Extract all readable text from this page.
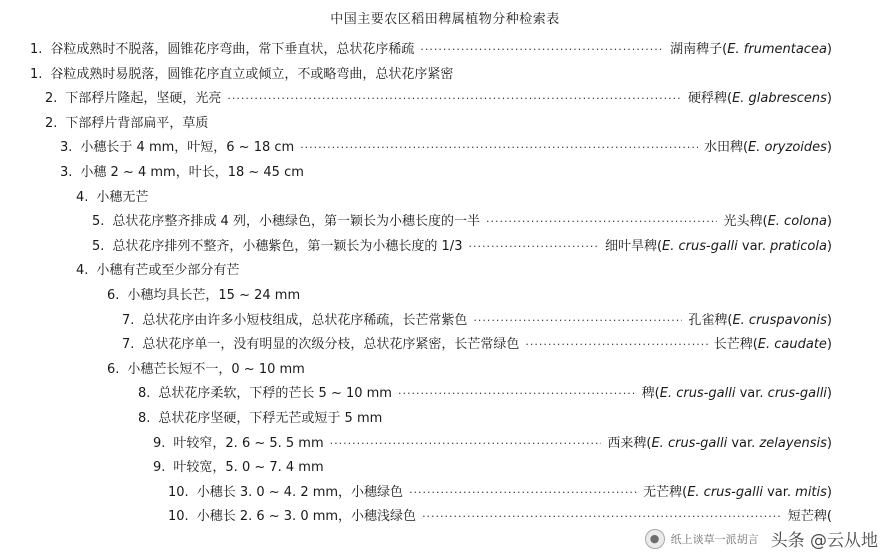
中国主要农区稻田稗属植物分种检索表
1. 谷粒成熟时不脱落，圆锥花序弯曲，常下垂直状，总状花序稀疏 ·····	湖南稗子(E. frumentacea)
1. 谷粒成熟时易脱落，圆锥花序直立或倾立，不或略弯曲，总状花序紧密
2. 下部稃片隆起，坚硬，光亮 ·····	硬稃稗(E. glabrescens)
2. 下部稃片背部扁平，草质
3. 小穗长于 4 mm，叶短，6 ~ 18 cm ·····	水田稗(E. oryzoides)
3. 小穗 2 ~ 4 mm，叶长，18 ~ 45 cm
4. 小穗无芒
5. 总状花序整齐排成 4 列，小穗绿色，第一颖长为小穗长度的一半 ·····	光头稗(E. colona)
5. 总状花序排列不整齐，小穗紫色，第一颖长为小穗长度的 1/3 ·····	细叶旱稗(E. crus-galli var. praticola)
4. 小穗有芒或至少部分有芒
6. 小穗均具长芒，15 ~ 24 mm
7. 总状花序由许多小短枝组成，总状花序稀疏，长芒常紫色 ·····	孔雀稗(E. cruspavonis)
7. 总状花序单一，没有明显的次级分枝，总状花序紧密，长芒常绿色 ·····	长芒稗(E. caudate)
6. 小穗芒长短不一，0 ~ 10 mm
8. 总状花序柔软，下稃的芒长 5 ~ 10 mm ·····	稗(E. crus-galli var. crus-galli)
8. 总状花序坚硬，下稃无芒或短于 5 mm
9. 叶较窄，2. 6 ~ 5. 5 mm ·····	西来稗(E. crus-galli var. zelayensis)
9. 叶较宽，5. 0 ~ 7. 4 mm
10. 小穗长 3. 0 ~ 4. 2 mm，小穗绿色 ·····	无芒稗(E. crus-galli var. mitis)
10. 小穗长 2. 6 ~ 3. 0 mm，小穗浅绿色 ·····	短芒稗(
●	纸上谈草一派胡言 头条 @云从地
